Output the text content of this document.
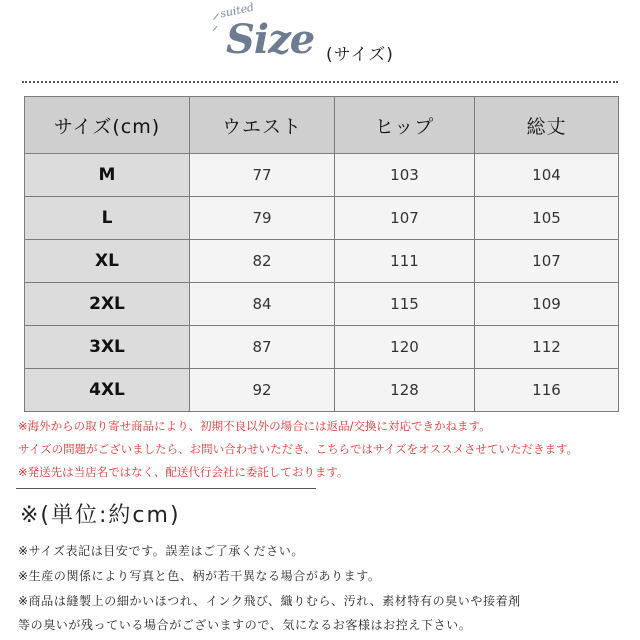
suited
Size (サイズ)
サイズ(cm)	ウエスト	ヒップ	総丈
M	77	103	104
L	79	107	105
XL	82	111	107
2XL	84	115	109
3XL	87	120	112
4XL	92	128	116
※海外からの取り寄せ商品により、初期不良以外の場合には返品/交換に対応できかねます。
サイズの問題がございましたら、お問い合わせいただき、こちらではサイズをオススメさせていただきます。
※発送先は当店名ではなく、配送代行会社に委託しております。
※(単位:約cm)
※サイズ表記は目安です。誤差はご了承ください。
※生産の関係により写真と色、柄が若干異なる場合があります。
※商品は縫製上の細かいほつれ、インク飛び、織りむら、汚れ、素材特有の臭いや接着剤
等の臭いが残っている場合がございますので、気になるお客様はお控え下さい。
